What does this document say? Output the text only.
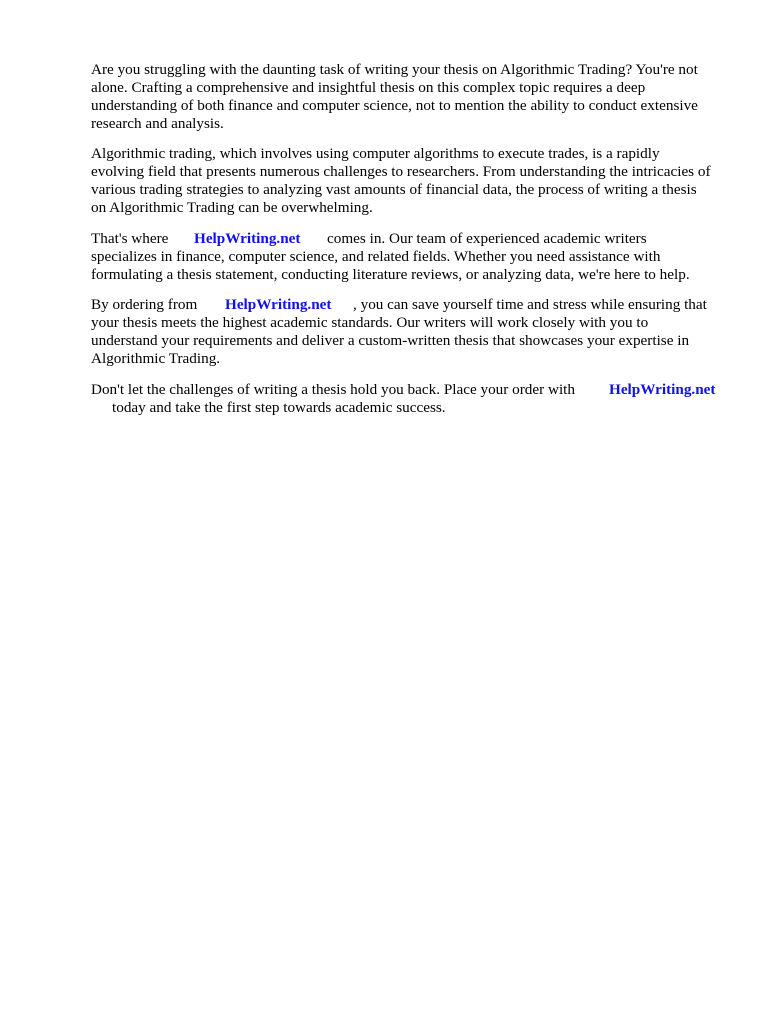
Are you struggling with the daunting task of writing your thesis on Algorithmic Trading? You're not
alone. Crafting a comprehensive and insightful thesis on this complex topic requires a deep
understanding of both finance and computer science, not to mention the ability to conduct extensive
research and analysis.
Algorithmic trading, which involves using computer algorithms to execute trades, is a rapidly
evolving field that presents numerous challenges to researchers. From understanding the intricacies of
various trading strategies to analyzing vast amounts of financial data, the process of writing a thesis
on Algorithmic Trading can be overwhelming.
That's where HelpWriting.net comes in. Our team of experienced academic writers
specializes in finance, computer science, and related fields. Whether you need assistance with
formulating a thesis statement, conducting literature reviews, or analyzing data, we're here to help.
By ordering from HelpWriting.net , you can save yourself time and stress while ensuring that
your thesis meets the highest academic standards. Our writers will work closely with you to
understand your requirements and deliver a custom-written thesis that showcases your expertise in
Algorithmic Trading.
Don't let the challenges of writing a thesis hold you back. Place your order with HelpWriting.net
today and take the first step towards academic success.
